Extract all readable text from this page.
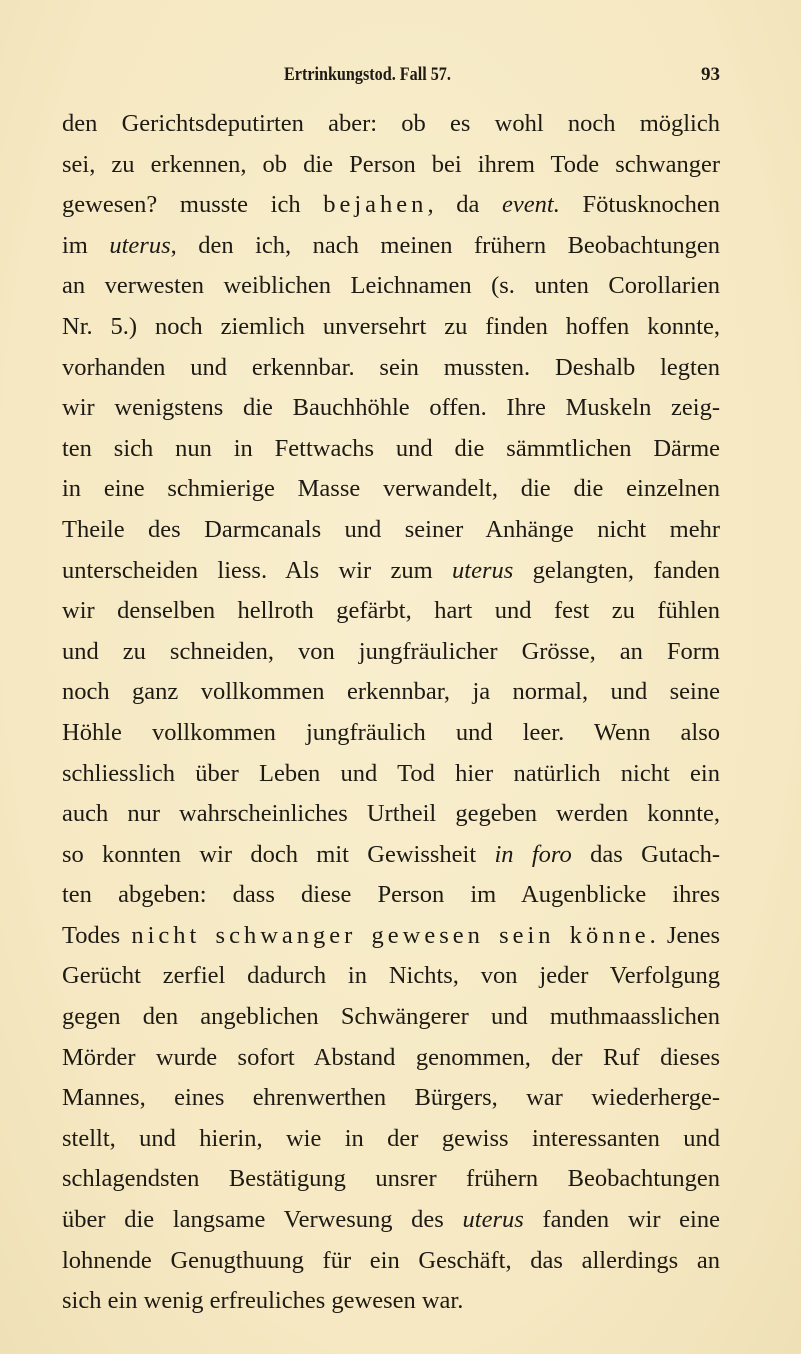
Ertrinkungstod. Fall 57.	93
den Gerichtsdeputirten aber: ob es wohl noch möglich
sei, zu erkennen, ob die Person bei ihrem Tode schwanger
gewesen? musste ich bejahen, da event. Fötusknochen
im uterus, den ich, nach meinen frühern Beobachtungen
an verwesten weiblichen Leichnamen (s. unten Corollarien
Nr. 5.) noch ziemlich unversehrt zu finden hoffen konnte,
vorhanden und erkennbar. sein mussten. Deshalb legten
wir wenigstens die Bauchhöhle offen. Ihre Muskeln zeig-
ten sich nun in Fettwachs und die sämmtlichen Därme
in eine schmierige Masse verwandelt, die die einzelnen
Theile des Darmcanals und seiner Anhänge nicht mehr
unterscheiden liess. Als wir zum uterus gelangten, fanden
wir denselben hellroth gefärbt, hart und fest zu fühlen
und zu schneiden, von jungfräulicher Grösse, an Form
noch ganz vollkommen erkennbar, ja normal, und seine
Höhle vollkommen jungfräulich und leer. Wenn also
schliesslich über Leben und Tod hier natürlich nicht ein
auch nur wahrscheinliches Urtheil gegeben werden konnte,
so konnten wir doch mit Gewissheit in foro das Gutach-
ten abgeben: dass diese Person im Augenblicke ihres
Todes nicht schwanger gewesen sein könne. Jenes
Gerücht zerfiel dadurch in Nichts, von jeder Verfolgung
gegen den angeblichen Schwängerer und muthmaasslichen
Mörder wurde sofort Abstand genommen, der Ruf dieses
Mannes, eines ehrenwerthen Bürgers, war wiederherge-
stellt, und hierin, wie in der gewiss interessanten und
schlagendsten Bestätigung unsrer frühern Beobachtungen
über die langsame Verwesung des uterus fanden wir eine
lohnende Genugthuung für ein Geschäft, das allerdings an
sich ein wenig erfreuliches gewesen war.
